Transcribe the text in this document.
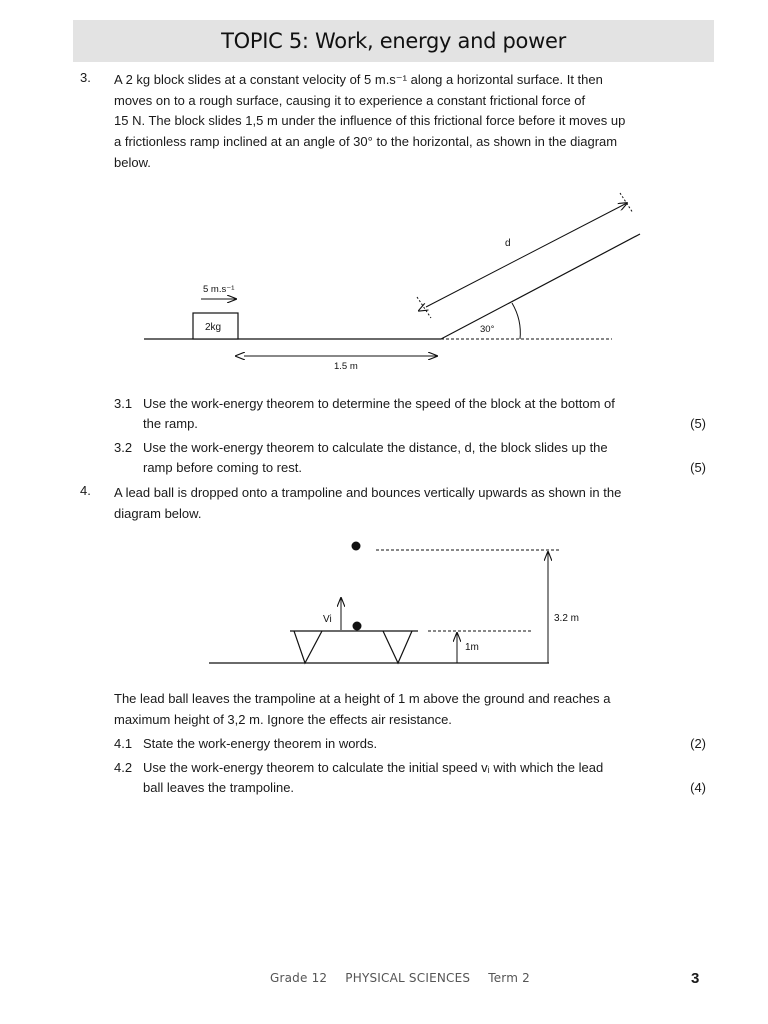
TOPIC 5: Work, energy and power
3. A 2 kg block slides at a constant velocity of 5 m.s⁻¹ along a horizontal surface. It then
moves on to a rough surface, causing it to experience a constant frictional force of
15 N. The block slides 1,5 m under the influence of this frictional force before it moves up
a frictionless ramp inclined at an angle of 30° to the horizontal, as shown in the diagram
below.
5 m.s⁻¹
2kg
1.5 m
30°
d
Vi	3.2 m
1m
3.1 Use the work-energy theorem to determine the speed of the block at the bottom of
the ramp.	(5)
3.2 Use the work-energy theorem to calculate the distance, d, the block slides up the
ramp before coming to rest.	(5)
4. A lead ball is dropped onto a trampoline and bounces vertically upwards as shown in the
diagram below.
The lead ball leaves the trampoline at a height of 1 m above the ground and reaches a
maximum height of 3,2 m. Ignore the effects air resistance.
4.1 State the work-energy theorem in words.	(2)
4.2 Use the work-energy theorem to calculate the initial speed vᵢ with which the lead
ball leaves the trampoline.	(4)
Grade 12 PHYSICAL SCIENCES Term 2	3
